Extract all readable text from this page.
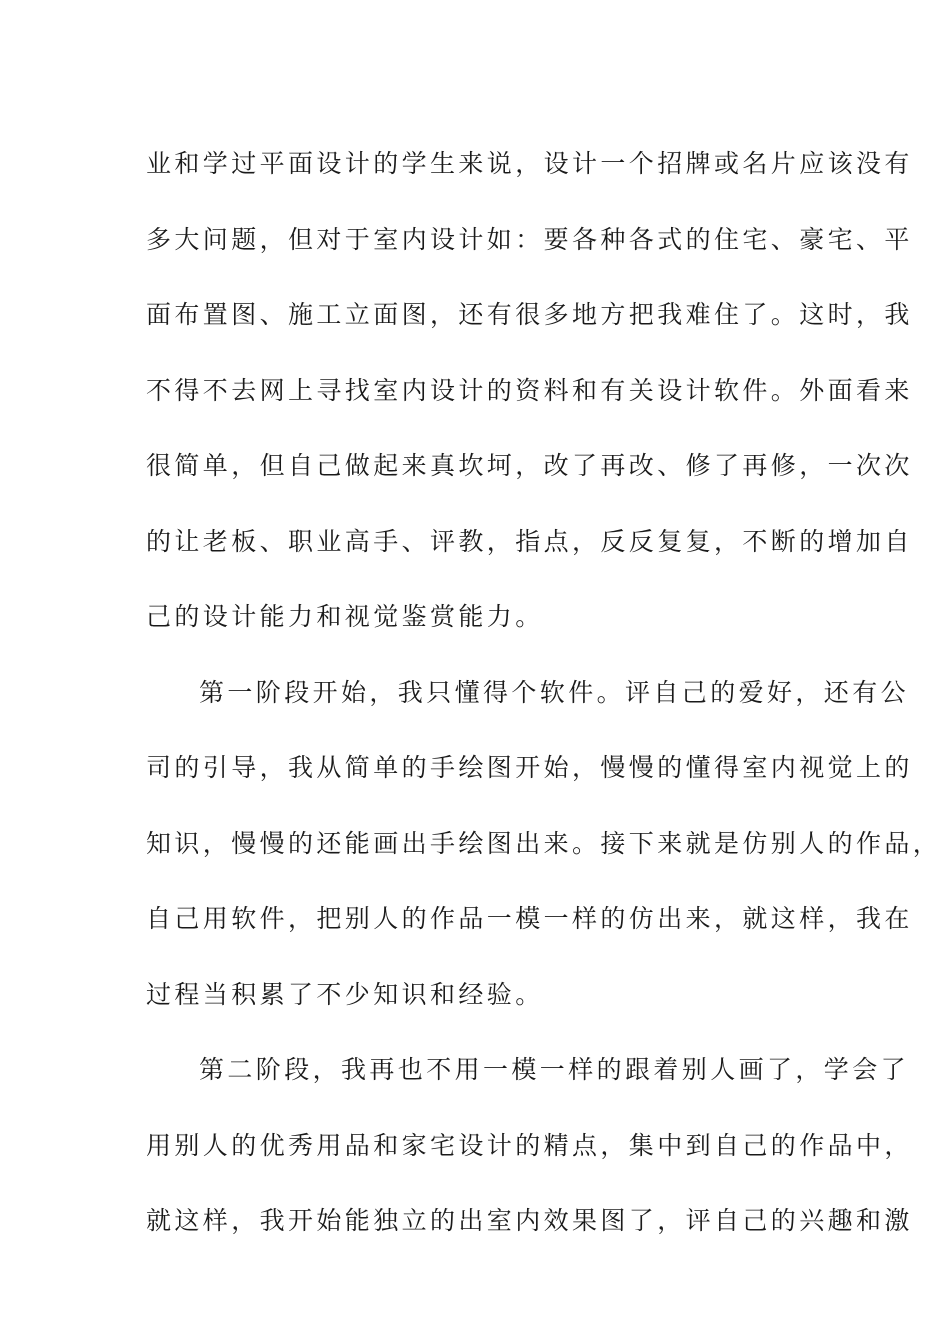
业和学过平面设计的学生来说，设计一个招牌或名片应该没有
多大问题，但对于室内设计如：要各种各式的住宅、豪宅、平
面布置图、施工立面图，还有很多地方把我难住了。这时，我
不得不去网上寻找室内设计的资料和有关设计软件。外面看来
很简单，但自己做起来真坎坷，改了再改、修了再修，一次次
的让老板、职业高手、评教，指点，反反复复，不断的增加自
己的设计能力和视觉鉴赏能力。
第一阶段开始，我只懂得个软件。评自己的爱好，还有公
司的引导，我从简单的手绘图开始，慢慢的懂得室内视觉上的
知识，慢慢的还能画出手绘图出来。接下来就是仿别人的作品，
自己用软件，把别人的作品一模一样的仿出来，就这样，我在
过程当积累了不少知识和经验。
第二阶段，我再也不用一模一样的跟着别人画了，学会了
用别人的优秀用品和家宅设计的精点，集中到自己的作品中，
就这样，我开始能独立的出室内效果图了，评自己的兴趣和激
